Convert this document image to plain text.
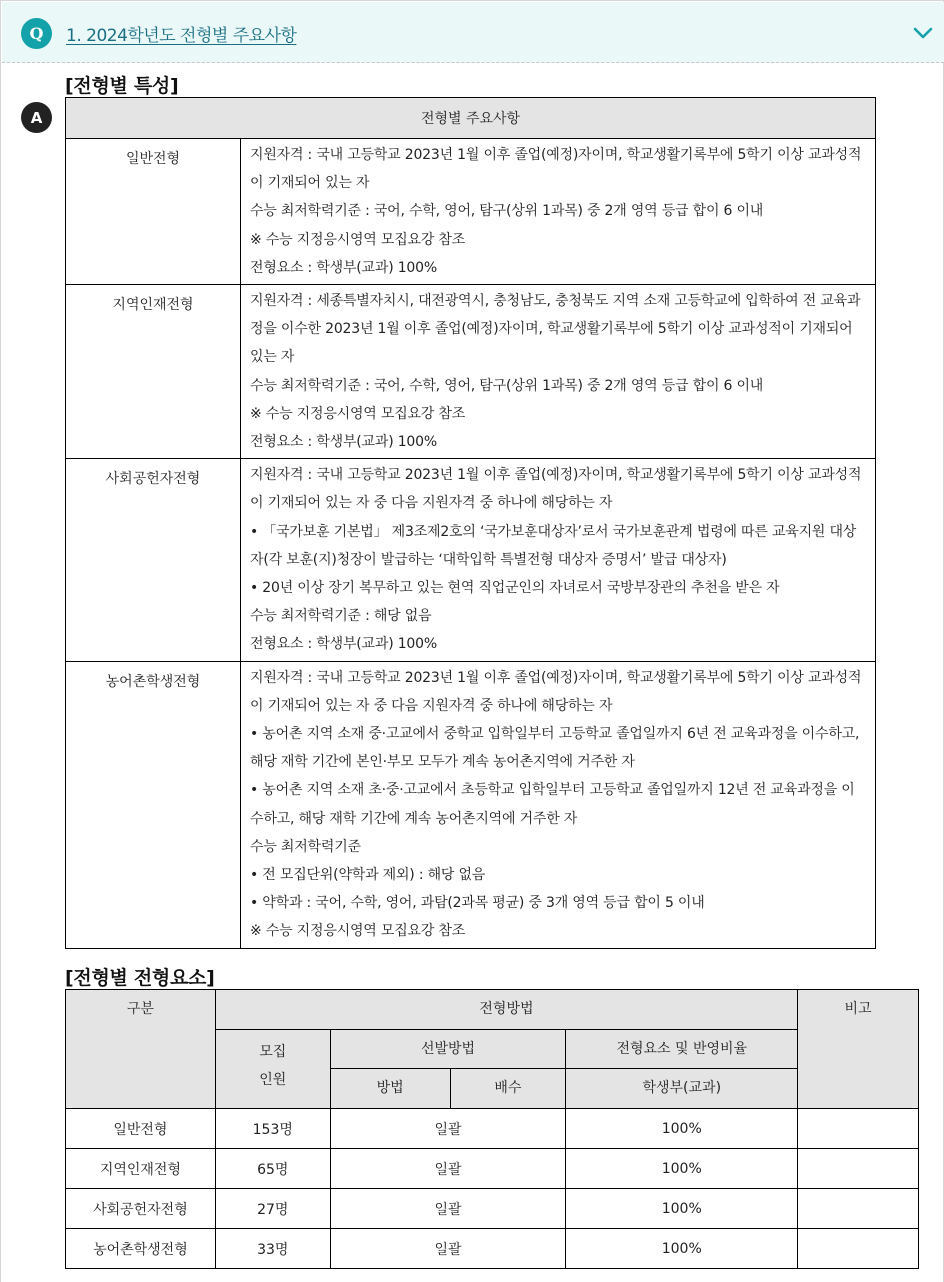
Q	1. 2024학년도 전형별 주요사항
A
[전형별 특성]
전형별 주요사항	
일반전형	지원자격 : 국내 고등학교 2023년 1월 이후 졸업(예정)자이며, 학교생활기록부에 5학기 이상 교과성적이 기재되어 있는 자
수능 최저학력기준 : 국어, 수학, 영어, 탐구(상위 1과목) 중 2개 영역 등급 합이 6 이내
※ 수능 지정응시영역 모집요강 참조
전형요소 : 학생부(교과) 100%

지역인재전형	지원자격 : 세종특별자치시, 대전광역시, 충청남도, 충청북도 지역 소재 고등학교에 입학하여 전 교육과정을 이수한 2023년 1월 이후 졸업(예정)자이며, 학교생활기록부에 5학기 이상 교과성적이 기재되어 있는 자
수능 최저학력기준 : 국어, 수학, 영어, 탐구(상위 1과목) 중 2개 영역 등급 합이 6 이내
※ 수능 지정응시영역 모집요강 참조
전형요소 : 학생부(교과) 100%

사회공헌자전형	지원자격 : 국내 고등학교 2023년 1월 이후 졸업(예정)자이며, 학교생활기록부에 5학기 이상 교과성적이 기재되어 있는 자 중 다음 지원자격 중 하나에 해당하는 자
• 「국가보훈 기본법」 제3조제2호의 ‘국가보훈대상자’로서 국가보훈관계 법령에 따른 교육지원 대상자(각 보훈(지)청장이 발급하는 ‘대학입학 특별전형 대상자 증명서’ 발급 대상자)
• 20년 이상 장기 복무하고 있는 현역 직업군인의 자녀로서 국방부장관의 추천을 받은 자
수능 최저학력기준 : 해당 없음
전형요소 : 학생부(교과) 100%

농어촌학생전형	지원자격 : 국내 고등학교 2023년 1월 이후 졸업(예정)자이며, 학교생활기록부에 5학기 이상 교과성적이 기재되어 있는 자 중 다음 지원자격 중 하나에 해당하는 자
• 농어촌 지역 소재 중·고교에서 중학교 입학일부터 고등학교 졸업일까지 6년 전 교육과정을 이수하고, 해당 재학 기간에 본인·부모 모두가 계속 농어촌지역에 거주한 자
• 농어촌 지역 소재 초·중·고교에서 초등학교 입학일부터 고등학교 졸업일까지 12년 전 교육과정을 이수하고, 해당 재학 기간에 계속 농어촌지역에 거주한 자
수능 최저학력기준
• 전 모집단위(약학과 제외) : 해당 없음
• 약학과 : 국어, 수학, 영어, 과탐(2과목 평균) 중 3개 영역 등급 합이 5 이내
※ 수능 지정응시영역 모집요강 참조
[전형별 전형요소]
구분	전형방법				비고

	모집
인원	선발방법		전형요소 및 반영비율	
		방법	배수	학생부(교과)	
일반전형	153명	일괄		100%	
지역인재전형	65명	일괄		100%	
사회공헌자전형	27명	일괄		100%	
농어촌학생전형	33명	일괄		100%	
